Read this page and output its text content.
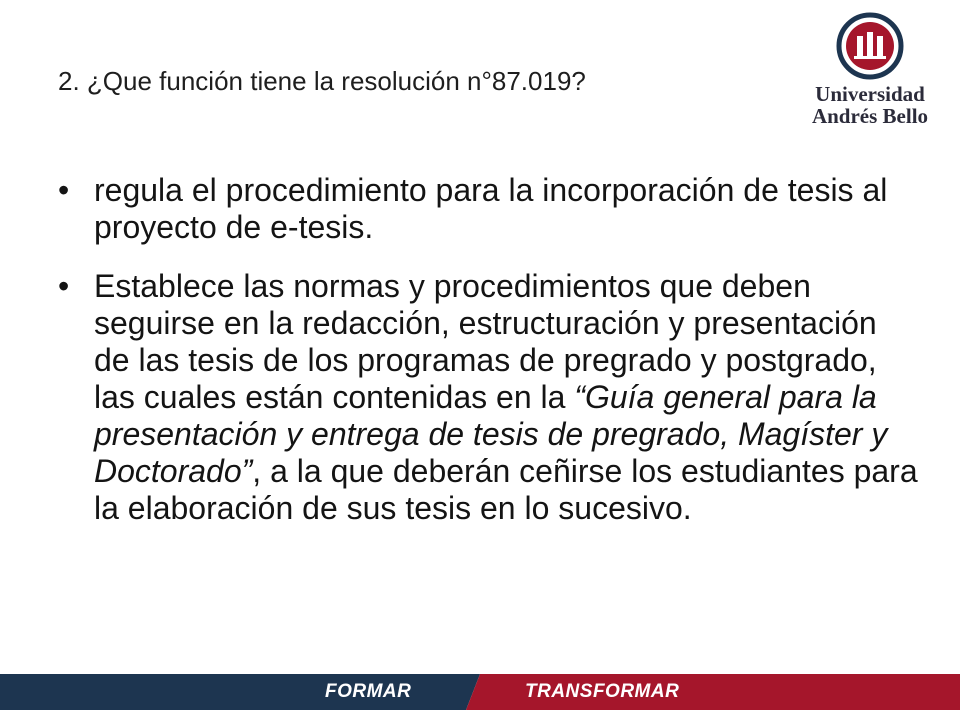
2. ¿Que función tiene la resolución n°87.019?	Universidad
Andrés Bello
• regula el procedimiento para la incorporación de tesis al proyecto de e-tesis.
• Establece las normas y procedimientos que deben seguirse en la redacción, estructuración y presentación de las tesis de los programas de pregrado y postgrado, las cuales están contenidas en la “Guía general para la presentación y entrega de tesis de pregrado, Magíster y Doctorado”, a la que deberán ceñirse los estudiantes para la elaboración de sus tesis en lo sucesivo.
FORMAR	TRANSFORMAR
